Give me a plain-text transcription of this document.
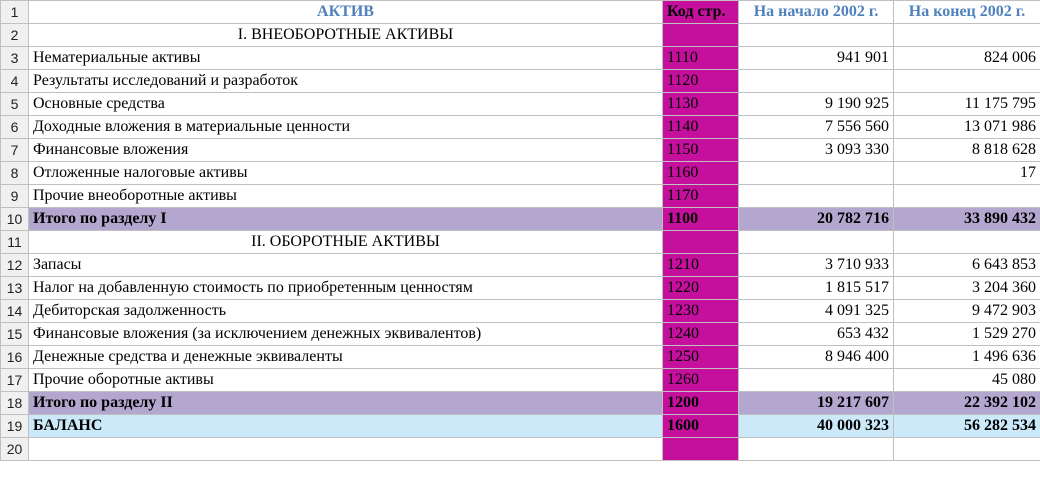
1	АКТИВ	Код стр.	На начало 2002 г.	На конец 2002 г.
2	I. ВНЕОБОРОТНЫЕ АКТИВЫ			
3	Нематериальные активы	1110	941 901	824 006
4	Результаты исследований и разработок	1120		
5	Основные средства	1130	9 190 925	11 175 795
6	Доходные вложения в материальные ценности	1140	7 556 560	13 071 986
7	Финансовые вложения	1150	3 093 330	8 818 628
8	Отложенные налоговые активы	1160		17
9	Прочие внеоборотные активы	1170		
10	Итого по разделу I	1100	20 782 716	33 890 432
11	II. ОБОРОТНЫЕ АКТИВЫ			
12	Запасы	1210	3 710 933	6 643 853
13	Налог на добавленную стоимость по приобретенным ценностям	1220	1 815 517	3 204 360
14	Дебиторская задолженность	1230	4 091 325	9 472 903
15	Финансовые вложения (за исключением денежных эквивалентов)	1240	653 432	1 529 270
16	Денежные средства и денежные эквиваленты	1250	8 946 400	1 496 636
17	Прочие оборотные активы	1260		45 080
18	Итого по разделу II	1200	19 217 607	22 392 102
19	БАЛАНС	1600	40 000 323	56 282 534
20				
